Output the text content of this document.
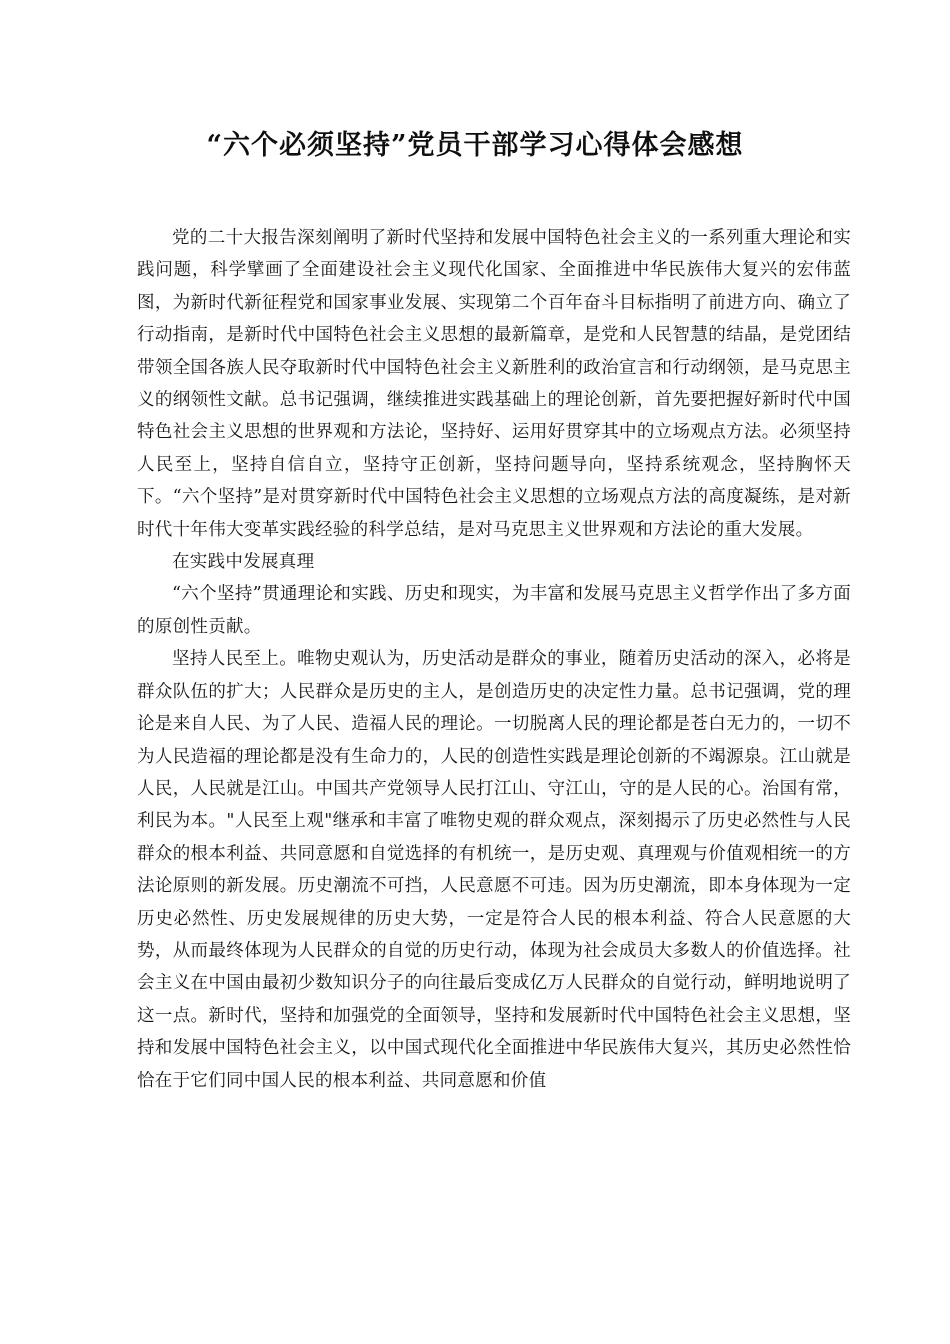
“六个必须坚持”党员干部学习心得体会感想

党的二十大报告深刻阐明了新时代坚持和发展中国特色社会主义的一系列重大理论和实践问题，科学擘画了全面建设社会主义现代化国家、全面推进中华民族伟大复兴的宏伟蓝图，为新时代新征程党和国家事业发展、实现第二个百年奋斗目标指明了前进方向、确立了行动指南，是新时代中国特色社会主义思想的最新篇章，是党和人民智慧的结晶，是党团结带领全国各族人民夺取新时代中国特色社会主义新胜利的政治宣言和行动纲领，是马克思主义的纲领性文献。总书记强调，继续推进实践基础上的理论创新，首先要把握好新时代中国特色社会主义思想的世界观和方法论，坚持好、运用好贯穿其中的立场观点方法。必须坚持人民至上，坚持自信自立，坚持守正创新，坚持问题导向，坚持系统观念，坚持胸怀天下。“六个坚持”是对贯穿新时代中国特色社会主义思想的立场观点方法的高度凝练，是对新时代十年伟大变革实践经验的科学总结，是对马克思主义世界观和方法论的重大发展。

在实践中发展真理

“六个坚持”贯通理论和实践、历史和现实，为丰富和发展马克思主义哲学作出了多方面的原创性贡献。

坚持人民至上。唯物史观认为，历史活动是群众的事业，随着历史活动的深入，必将是群众队伍的扩大；人民群众是历史的主人，是创造历史的决定性力量。总书记强调，党的理论是来自人民、为了人民、造福人民的理论。一切脱离人民的理论都是苍白无力的，一切不为人民造福的理论都是没有生命力的，人民的创造性实践是理论创新的不竭源泉。江山就是人民，人民就是江山。中国共产党领导人民打江山、守江山，守的是人民的心。治国有常，利民为本。"人民至上观"继承和丰富了唯物史观的群众观点，深刻揭示了历史必然性与人民群众的根本利益、共同意愿和自觉选择的有机统一，是历史观、真理观与价值观相统一的方法论原则的新发展。历史潮流不可挡，人民意愿不可违。因为历史潮流，即本身体现为一定历史必然性、历史发展规律的历史大势，一定是符合人民的根本利益、符合人民意愿的大势，从而最终体现为人民群众的自觉的历史行动，体现为社会成员大多数人的价值选择。社会主义在中国由最初少数知识分子的向往最后变成亿万人民群众的自觉行动，鲜明地说明了这一点。新时代，坚持和加强党的全面领导，坚持和发展新时代中国特色社会主义思想，坚持和发展中国特色社会主义，以中国式现代化全面推进中华民族伟大复兴，其历史必然性恰恰在于它们同中国人民的根本利益、共同意愿和价值
